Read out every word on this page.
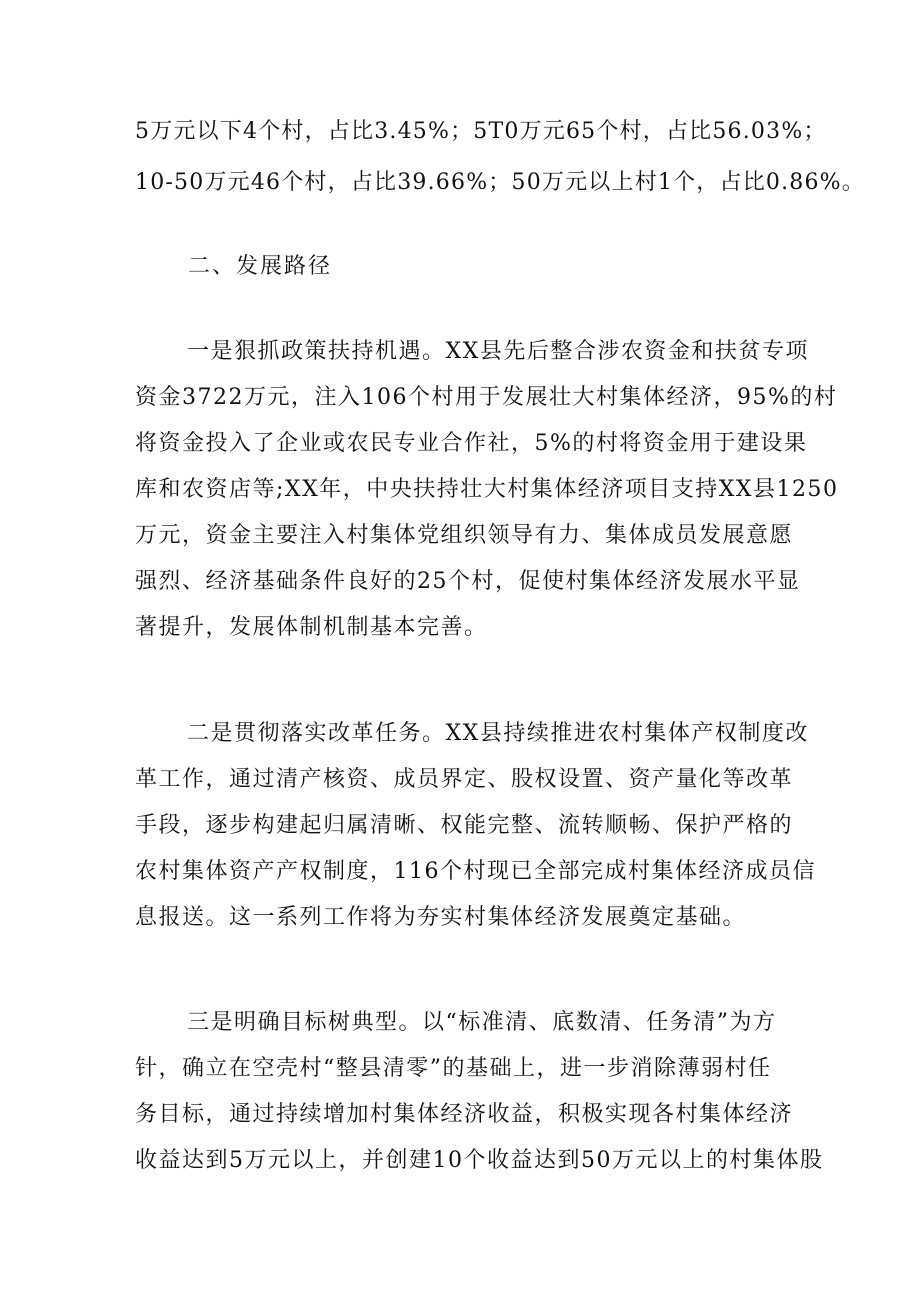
5万元以下4个村，占比3.45%；5T0万元65个村，占比56.03%；
10-50万元46个村，占比39.66%；50万元以上村1个，占比0.86%。
二、发展路径
一是狠抓政策扶持机遇。XX县先后整合涉农资金和扶贫专项
资金3722万元，注入106个村用于发展壮大村集体经济，95%的村
将资金投入了企业或农民专业合作社，5%的村将资金用于建设果
库和农资店等;XX年，中央扶持壮大村集体经济项目支持XX县1250
万元，资金主要注入村集体党组织领导有力、集体成员发展意愿
强烈、经济基础条件良好的25个村，促使村集体经济发展水平显
著提升，发展体制机制基本完善。
二是贯彻落实改革任务。XX县持续推进农村集体产权制度改
革工作，通过清产核资、成员界定、股权设置、资产量化等改革
手段，逐步构建起归属清晰、权能完整、流转顺畅、保护严格的
农村集体资产产权制度，116个村现已全部完成村集体经济成员信
息报送。这一系列工作将为夯实村集体经济发展奠定基础。
三是明确目标树典型。以“标准清、底数清、任务清”为方
针，确立在空壳村“整县清零”的基础上，进一步消除薄弱村任
务目标，通过持续增加村集体经济收益，积极实现各村集体经济
收益达到5万元以上，并创建10个收益达到50万元以上的村集体股
